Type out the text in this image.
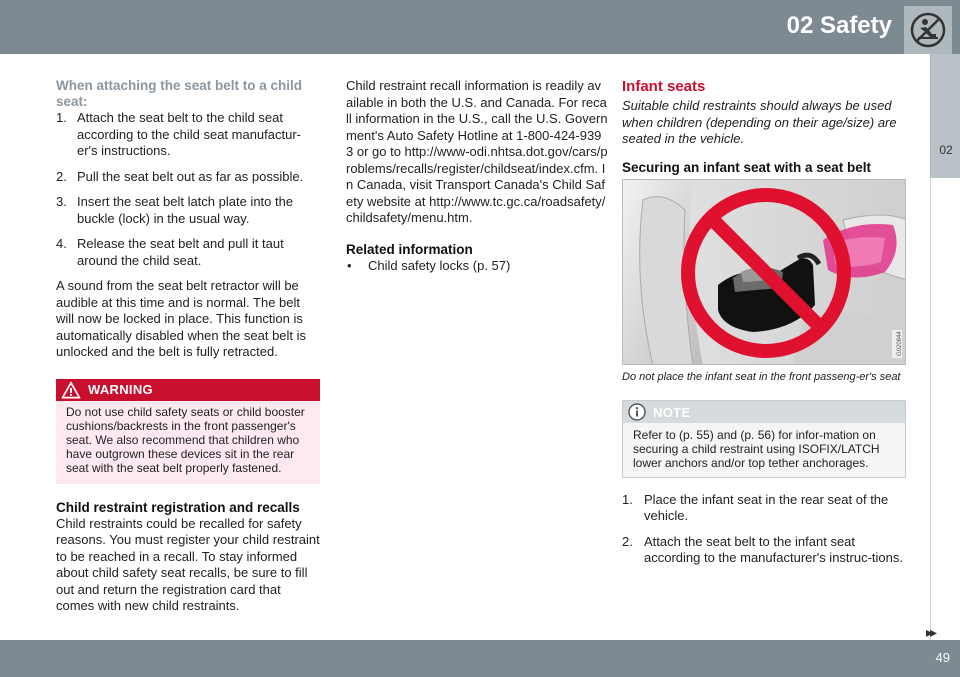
02 Safety
02
When attaching the seat belt to a child seat:
1. Attach the seat belt to the child seat according to the child seat manufactur-er's instructions.
2. Pull the seat belt out as far as possible.
3. Insert the seat belt latch plate into the buckle (lock) in the usual way.
4. Release the seat belt and pull it taut around the child seat.

A sound from the seat belt retractor will be audible at this time and is normal. The belt will now be locked in place. This function is automatically disabled when the seat belt is unlocked and the belt is fully retracted.

WARNING
Do not use child safety seats or child booster cushions/backrests in the front passenger's seat. We also recommend that children who have outgrown these devices sit in the rear seat with the seat belt properly fastened.
Child restraint registration and recalls

Child restraints could be recalled for safety reasons. You must register your child restraint to be reached in a recall. To stay informed about child safety seat recalls, be sure to fill out and return the registration card that comes with new child restraints.

Child restraint recall information is readily available in both the U.S. and Canada. For recall information in the U.S., call the U.S. Government's Auto Safety Hotline at 1-800-424-9393 or go to http://www-odi.nhtsa.dot.gov/cars/problems/recalls/register/childseat/index.cfm. In Canada, visit Transport Canada's Child Safety website at http://www.tc.gc.ca/roadsafety/childsafety/menu.htm.

Related information
• Child safety locks (p. 57)
Infant seats

Suitable child restraints should always be used when children (depending on their age/size) are seated in the vehicle.

Securing an infant seat with a seat belt
G020844

Do not place the infant seat in the front passeng-er's seat

NOTE
Refer to (p. 55) and (p. 56) for infor-mation on securing a child restraint using ISOFIX/LATCH lower anchors and/or top tether anchorages.
1. Place the infant seat in the rear seat of the vehicle.
2. Attach the seat belt to the infant seat according to the manufacturer's instruc-tions.
▸▸
49
